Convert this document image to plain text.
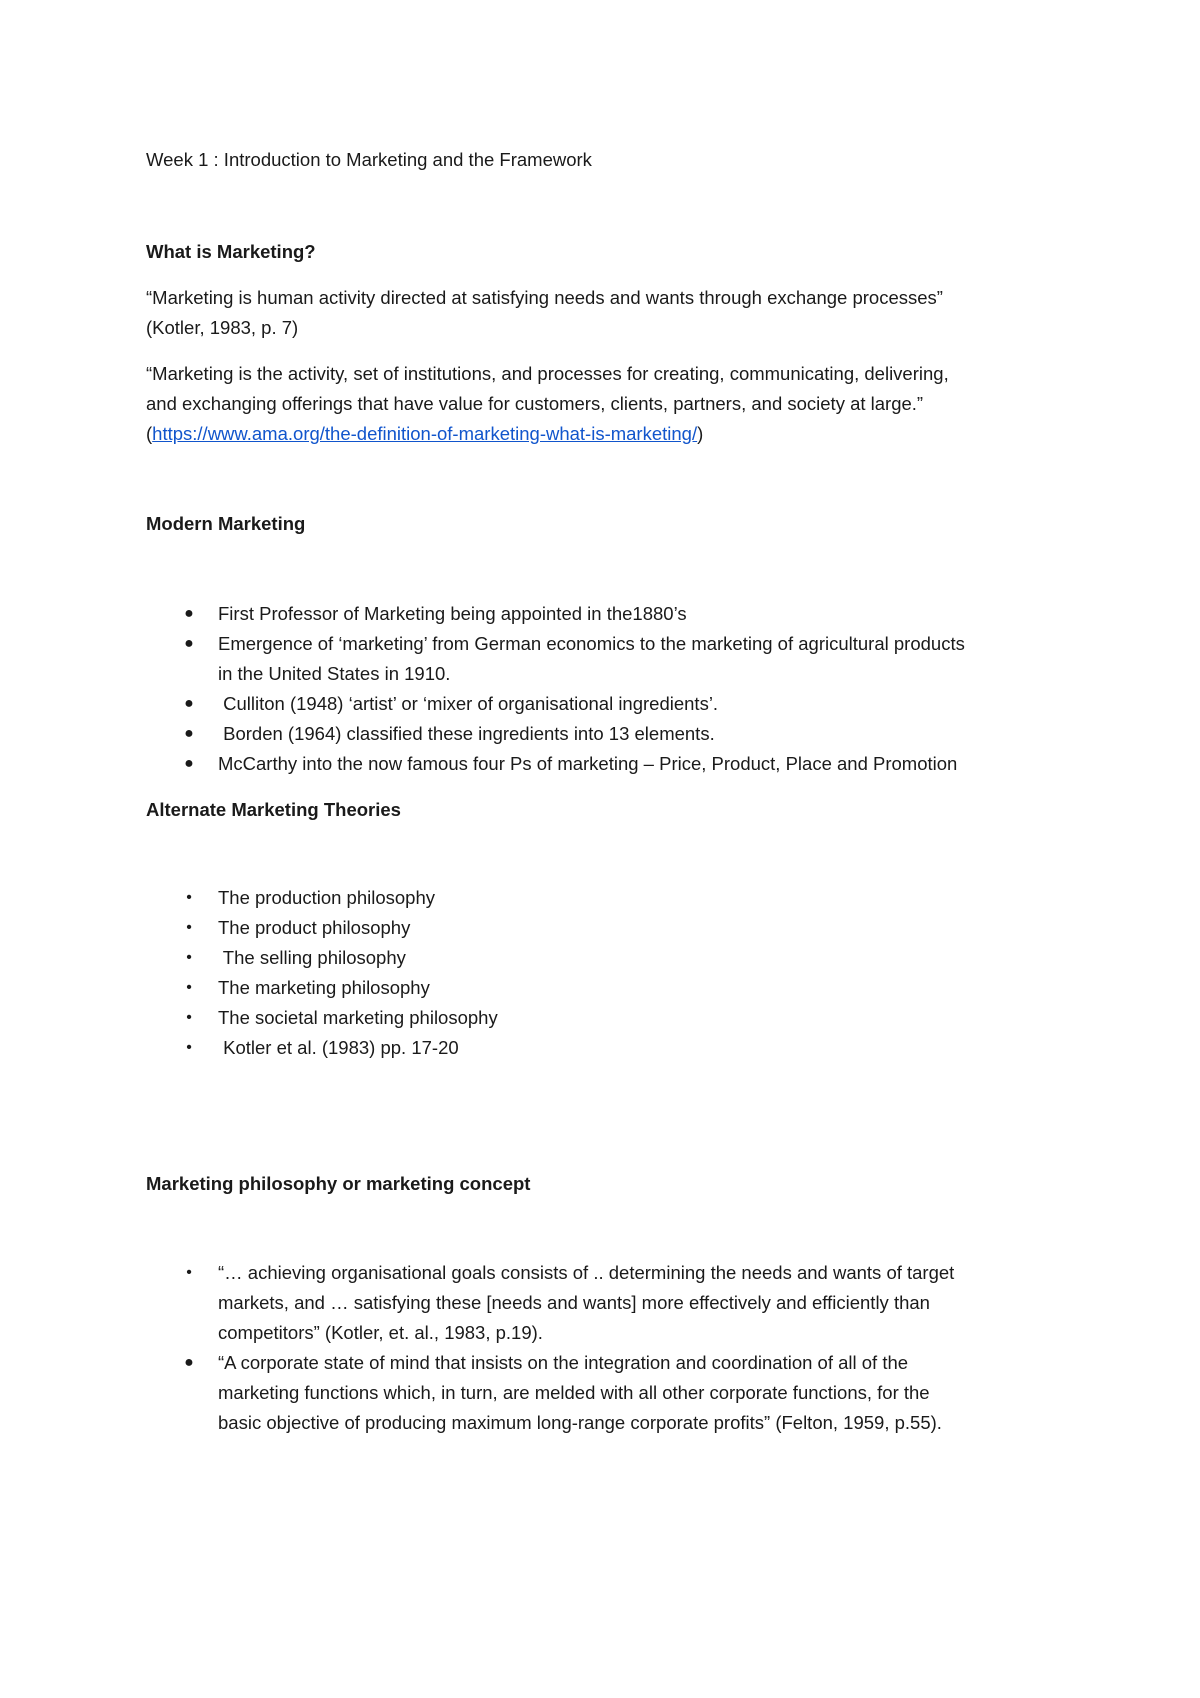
Week 1 : Introduction to Marketing and the Framework
What is Marketing?
“Marketing is human activity directed at satisfying needs and wants through exchange processes”
(Kotler, 1983, p. 7)
“Marketing is the activity, set of institutions, and processes for creating, communicating, delivering,
and exchanging offerings that have value for customers, clients, partners, and society at large.”
(https://www.ama.org/the-definition-of-marketing-what-is-marketing/)
Modern Marketing
● First Professor of Marketing being appointed in the1880’s
● Emergence of ‘marketing’ from German economics to the marketing of agricultural products
in the United States in 1910.
● Culliton (1948) ‘artist’ or ‘mixer of organisational ingredients’.
● Borden (1964) classified these ingredients into 13 elements.
● McCarthy into the now famous four Ps of marketing – Price, Product, Place and Promotion
Alternate Marketing Theories
• The production philosophy
• The product philosophy
• The selling philosophy
• The marketing philosophy
• The societal marketing philosophy
• Kotler et al. (1983) pp. 17-20
Marketing philosophy or marketing concept
• “… achieving organisational goals consists of .. determining the needs and wants of target
markets, and … satisfying these [needs and wants] more effectively and efficiently than
competitors” (Kotler, et. al., 1983, p.19).
● “A corporate state of mind that insists on the integration and coordination of all of the
marketing functions which, in turn, are melded with all other corporate functions, for the
basic objective of producing maximum long-range corporate profits” (Felton, 1959, p.55).
